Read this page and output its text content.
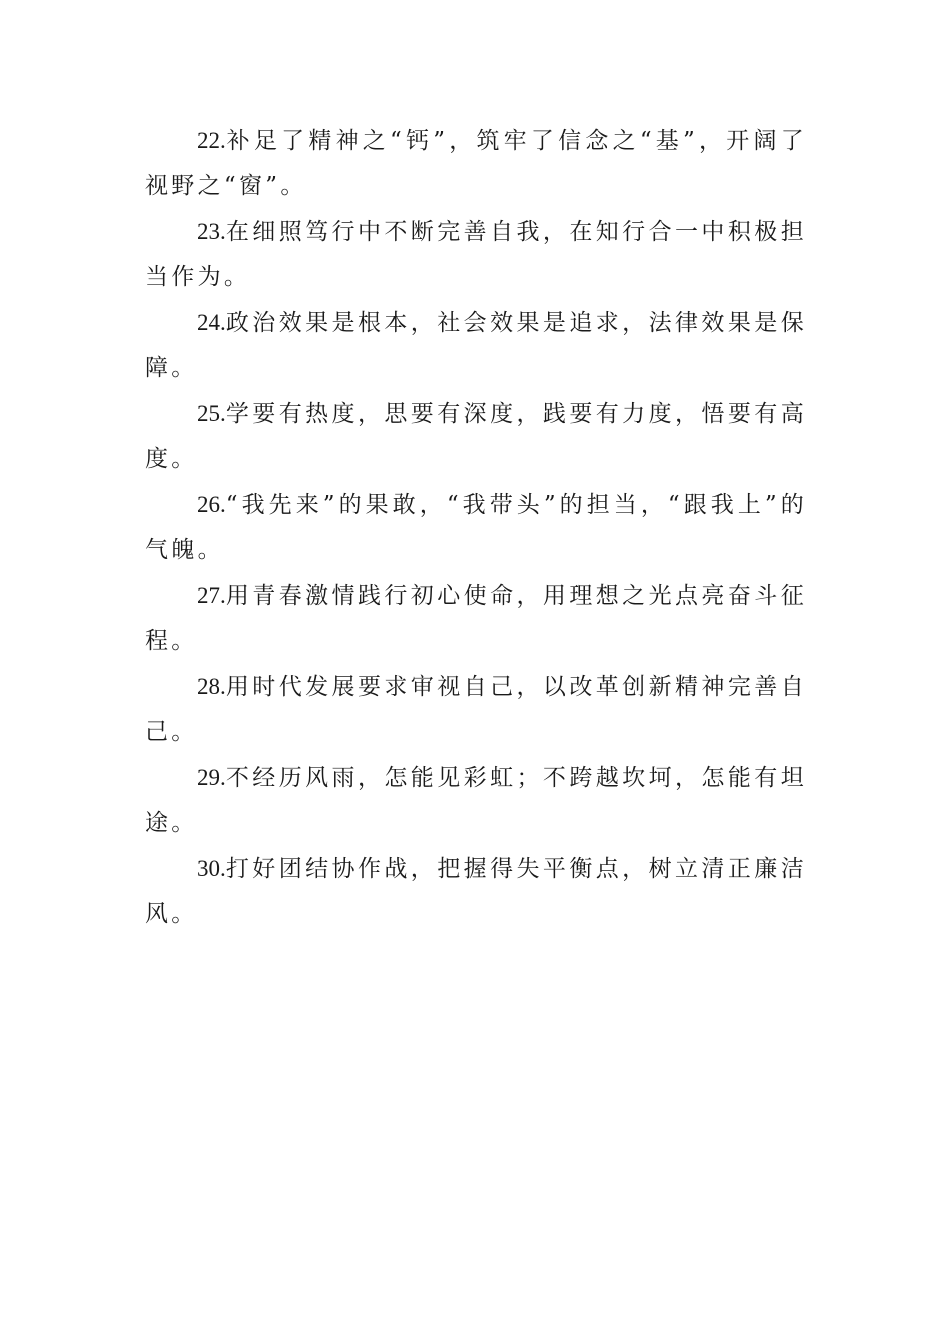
22.补足了精神之“钙”，筑牢了信念之“基”，开阔了视野之“窗”。

23.在细照笃行中不断完善自我，在知行合一中积极担当作为。

24.政治效果是根本，社会效果是追求，法律效果是保障。

25.学要有热度，思要有深度，践要有力度，悟要有高度。

26.“我先来”的果敢，“我带头”的担当，“跟我上”的气魄。

27.用青春激情践行初心使命，用理想之光点亮奋斗征程。

28.用时代发展要求审视自己，以改革创新精神完善自己。

29.不经历风雨，怎能见彩虹；不跨越坎坷，怎能有坦途。

30.打好团结协作战，把握得失平衡点，树立清正廉洁风。
